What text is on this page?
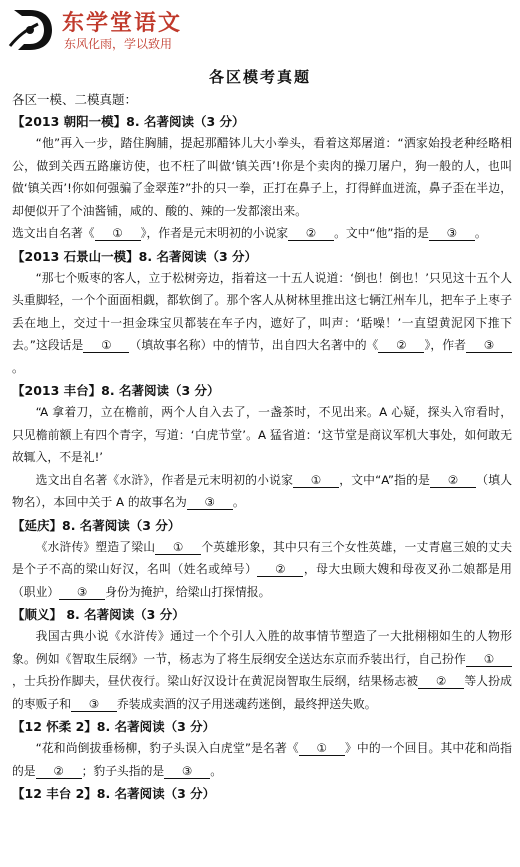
东学堂语文
东风化雨，学以致用
各区模考真题
各区一模、二模真题：
【2013 朝阳一模】8. 名著阅读（3 分）

“他”再入一步，踏住胸脯，提起那醋钵儿大小拳头，看着这郑屠道：“洒家始投老种经略相公，做到关西五路廉访使，也不枉了叫做‘镇关西’!你是个卖肉的操刀屠户，狗一般的人，也叫做‘镇关西’!你如何强骗了金翠莲?”扑的只一拳，正打在鼻子上，打得鲜血迸流，鼻子歪在半边，却便似开了个油酱铺，咸的、酸的、辣的一发都滚出来。

选文出自名著《 ① 》，作者是元末明初的小说家 ② 。文中“他”指的是 ③ 。

【2013 石景山一模】8. 名著阅读（3 分）

“那七个贩枣的客人，立于松树旁边，指着这一十五人说道：‘倒也！倒也！’只见这十五个人头重脚轻，一个个面面相觑，都软倒了。那个客人从树林里推出这七辆江州车儿，把车子上枣子丢在地上，交过十一担金珠宝贝都装在车子内，遮好了，叫声：‘聒噪！’一直望黄泥冈下推下去。”这段话是 ① （填故事名称）中的情节，出自四大名著中的《 ② 》，作者 ③。

【2013 丰台】8. 名著阅读（3 分）

“A 拿着刀，立在檐前，两个人自入去了，一盏茶时，不见出来。A 心疑，探头入帘看时，只见檐前额上有四个青字，写道：‘白虎节堂’。A 猛省道：‘这节堂是商议军机大事处，如何敢无故辄入，不是礼!’

选文出自名著《水浒》，作者是元末明初的小说家 ① ，文中“A”指的是 ② （填人物名），本回中关于 A 的故事名为 ③ 。

【延庆】8. 名著阅读（3 分）

《水浒传》塑造了梁山 ① 个英雄形象，其中只有三个女性英雄，一丈青扈三娘的丈夫是个子不高的梁山好汉，名叫（姓名或绰号） ② ，母大虫顾大嫂和母夜叉孙二娘都是用（职业） ③ 身份为掩护，给梁山打探情报。

【顺义】 8. 名著阅读（3 分）

我国古典小说《水浒传》通过一个个引人入胜的故事情节塑造了一大批栩栩如生的人物形象。例如《智取生辰纲》一节，杨志为了将生辰纲安全送达东京而乔装出行，自己扮作 ①，士兵扮作脚夫，昼伏夜行。梁山好汉设计在黄泥岗智取生辰纲，结果杨志被 ② 等人扮成的枣贩子和 ③ 乔装成卖酒的汉子用迷魂药迷倒，最终押送失败。

【12 怀柔 2】8. 名著阅读（3 分）

“花和尚倒拔垂杨柳，豹子头误入白虎堂”是名著《 ① 》中的一个回目。其中花和尚指的是 ② ；豹子头指的是 ③ 。

【12 丰台 2】8. 名著阅读（3 分）
